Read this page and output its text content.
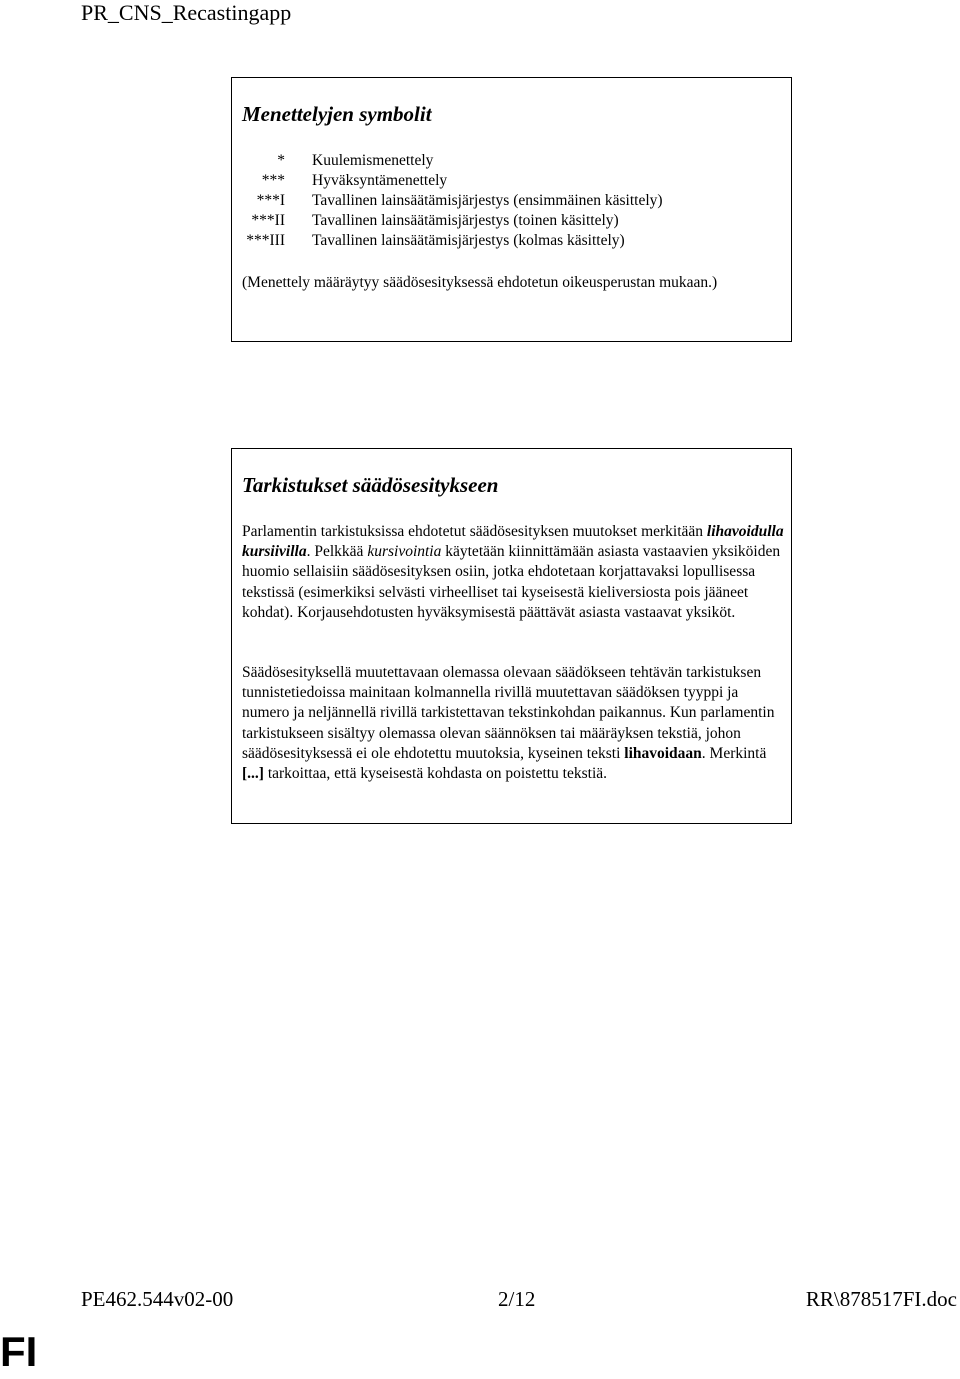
PR_CNS_Recastingapp
Menettelyjen symbolit
* Kuulemismenettely
*** Hyväksyntämenettely
***I Tavallinen lainsäätämisjärjestys (ensimmäinen käsittely)
***II Tavallinen lainsäätämisjärjestys (toinen käsittely)
***III Tavallinen lainsäätämisjärjestys (kolmas käsittely)
(Menettely määräytyy säädösesityksessä ehdotetun oikeusperustan mukaan.)
Tarkistukset säädösesitykseen
Parlamentin tarkistuksissa ehdotetut säädösesityksen muutokset merkitään lihavoidulla kursiivilla. Pelkkää kursivointia käytetään kiinnittämään asiasta vastaavien yksiköiden huomio sellaisiin säädösesityksen osiin, jotka ehdotetaan korjattavaksi lopullisessa tekstissä (esimerkiksi selvästi virheelliset tai kyseisestä kieliversiosta pois jääneet kohdat). Korjausehdotusten hyväksymisestä päättävät asiasta vastaavat yksiköt.
Säädösesityksellä muutettavaan olemassa olevaan säädökseen tehtävän tarkistuksen tunnistetiedoissa mainitaan kolmannella rivillä muutettavan säädöksen tyyppi ja numero ja neljännellä rivillä tarkistettavan tekstinkohdan paikannus. Kun parlamentin tarkistukseen sisältyy olemassa olevan säännöksen tai määräyksen tekstiä, johon säädösesityksessä ei ole ehdotettu muutoksia, kyseinen teksti lihavoidaan. Merkintä [...] tarkoittaa, että kyseisestä kohdasta on poistettu tekstiä.
PE462.544v02-00	2/12	RR\878517FI.doc
FI
